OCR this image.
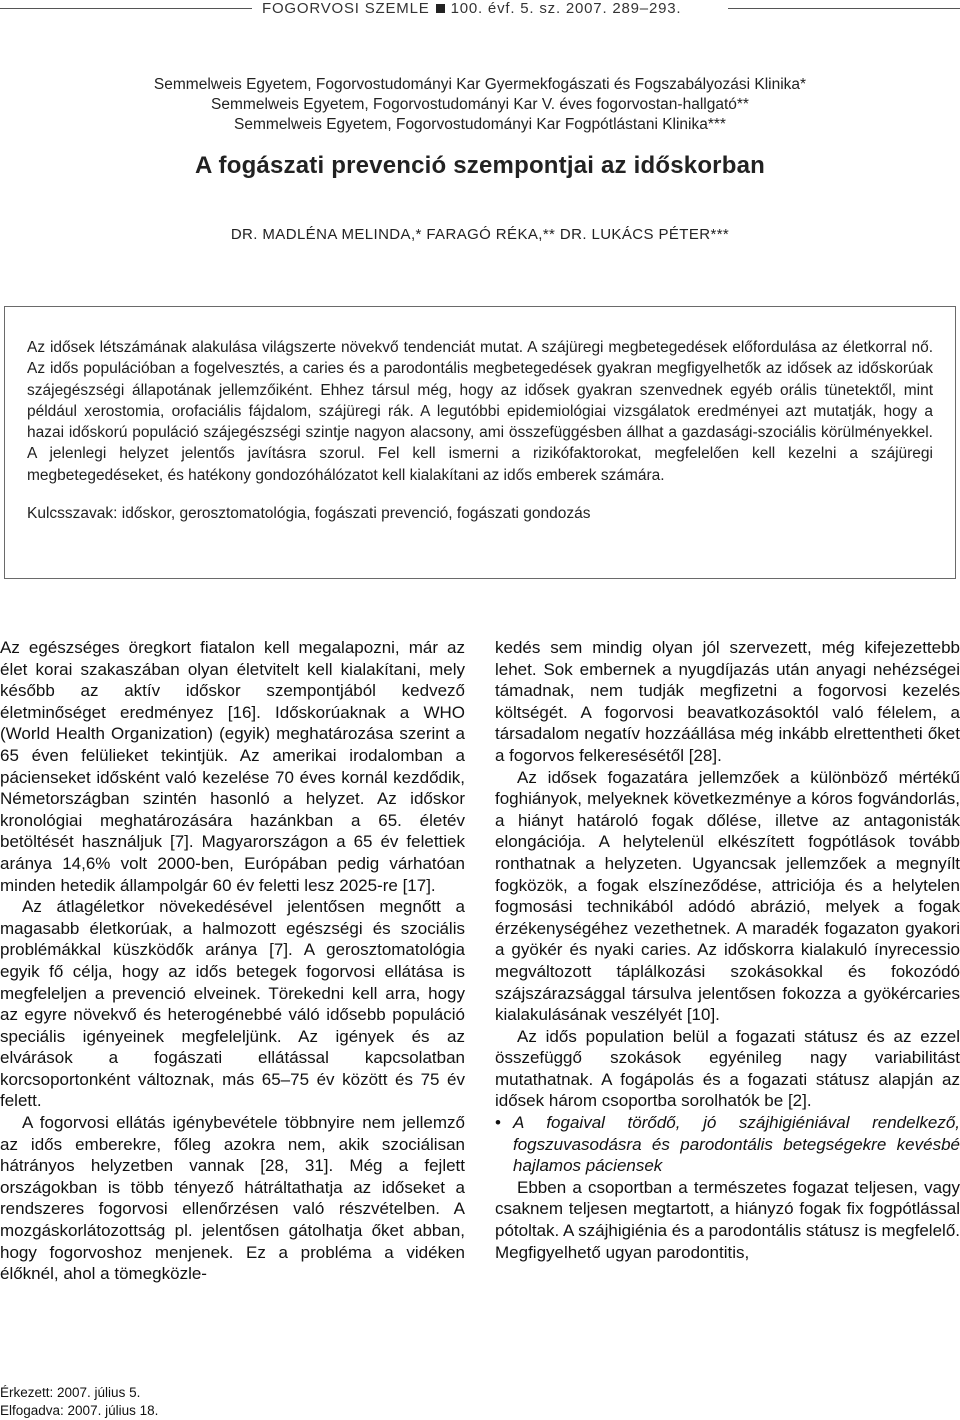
FOGORVOSI SZEMLE 100. évf. 5. sz. 2007. 289–293.
Semmelweis Egyetem, Fogorvostudományi Kar Gyermekfogászati és Fogszabályozási Klinika*
Semmelweis Egyetem, Fogorvostudományi Kar V. éves fogorvostan-hallgató**
Semmelweis Egyetem, Fogorvostudományi Kar Fogpótlástani Klinika***
A fogászati prevenció szempontjai az időskorban
DR. MADLÉNA MELINDA,* FARAGÓ RÉKA,** DR. LUKÁCS PÉTER***

Az idősek létszámának alakulása világszerte növekvő tendenciát mutat. A szájüregi megbetegedések előfordulása az életkorral nő. Az idős populációban a fogelvesztés, a caries és a parodontális megbetegedések gyakran megfigyelhetők az idősek az időskorúak szájegészségi állapotának jellemzőiként. Ehhez társul még, hogy az idősek gyakran szenvednek egyéb orális tünetektől, mint például xerostomia, orofaciális fájdalom, szájüregi rák. A legutóbbi epidemiológiai vizsgálatok eredményei azt mutatják, hogy a hazai időskorú populáció szájegészségi szintje nagyon alacsony, ami összefüggésben állhat a gazdasági-szociális körülményekkel. A jelenlegi helyzet jelentős javításra szorul. Fel kell ismerni a rizikófaktorokat, megfelelően kell kezelni a szájüregi megbetegedéseket, és hatékony gondozóhálózatot kell kialakítani az idős emberek számára.

Kulcsszavak: időskor, gerosztomatológia, fogászati prevenció, fogászati gondozás

Az egészséges öregkort fiatalon kell megalapozni, már az élet korai szakaszában olyan életvitelt kell kialakítani, mely később az aktív időskor szempontjából kedvező életminőséget eredményez [16]. Időskorúaknak a WHO (World Health Organization) (egyik) meghatározása szerint a 65 éven felülieket tekintjük. Az amerikai irodalomban a pácienseket idősként való kezelése 70 éves kornál kezdődik, Németországban szintén hasonló a helyzet. Az időskor kronológiai meghatározására hazánkban a 65. életév betöltését használjuk [7]. Magyarországon a 65 év felettiek aránya 14,6% volt 2000-ben, Európában pedig várhatóan minden hetedik állampolgár 60 év feletti lesz 2025-re [17].

Az átlagéletkor növekedésével jelentősen megnőtt a magasabb életkorúak, a halmozott egészségi és szociális problémákkal küszködők aránya [7]. A gerosztomatológia egyik fő célja, hogy az idős betegek fogorvosi ellátása is megfeleljen a prevenció elveinek. Törekedni kell arra, hogy az egyre növekvő és heterogénebbé váló idősebb populáció speciális igényeinek megfeleljünk. Az igények és az elvárások a fogászati ellátással kapcsolatban korcsoportonként változnak, más 65–75 év között és 75 év felett.

A fogorvosi ellátás igénybevétele többnyire nem jellemző az idős emberekre, főleg azokra nem, akik szociálisan hátrányos helyzetben vannak [28, 31]. Még a fejlett országokban is több tényező hátráltathatja az időseket a rendszeres fogorvosi ellenőrzésen való részvételben. A mozgáskorlátozottság pl. jelentősen gátolhatja őket abban, hogy fogorvoshoz menjenek. Ez a probléma a vidéken élőknél, ahol a tömegközle-

kedés sem mindig olyan jól szervezett, még kifejezettebb lehet. Sok embernek a nyugdíjazás után anyagi nehézségei támadnak, nem tudják megfizetni a fogorvosi kezelés költségét. A fogorvosi beavatkozásoktól való félelem, a társadalom negatív hozzáállása még inkább elrettentheti őket a fogorvos felkeresésétől [28].

Az idősek fogazatára jellemzőek a különböző mértékű foghiányok, melyeknek következménye a kóros fogvándorlás, a hiányt határoló fogak dőlése, illetve az antagonisták elongációja. A helytelenül elkészített fogpótlások tovább ronthatnak a helyzeten. Ugyancsak jellemzőek a megnyílt fogközök, a fogak elszíneződése, attriciója és a helytelen fogmosási technikából adódó abrázió, melyek a fogak érzékenységéhez vezethetnek. A maradék fogazaton gyakori a gyökér és nyaki caries. Az időskorra kialakuló ínyrecessio megváltozott táplálkozási szokásokkal és fokozódó szájszárazsággal társulva jelentősen fokozza a gyökércaries kialakulásának veszélyét [10].

Az idős population belül a fogazati státusz és az ezzel összefüggő szokások egyénileg nagy variabilitást mutathatnak. A fogápolás és a fogazati státusz alapján az idősek három csoportba sorolhatók be [2].

• A fogaival törődő, jó szájhigiéniával rendelkező, fogszuvasodásra és parodontális betegségekre kevésbé hajlamos páciensek

Ebben a csoportban a természetes fogazat teljesen, vagy csaknem teljesen megtartott, a hiányzó fogak fix fogpótlással pótoltak. A szájhigiénia és a parodontális státusz is megfelelő. Megfigyelhető ugyan parodontitis,

Érkezett: 2007. július 5.
Elfogadva: 2007. július 18.
